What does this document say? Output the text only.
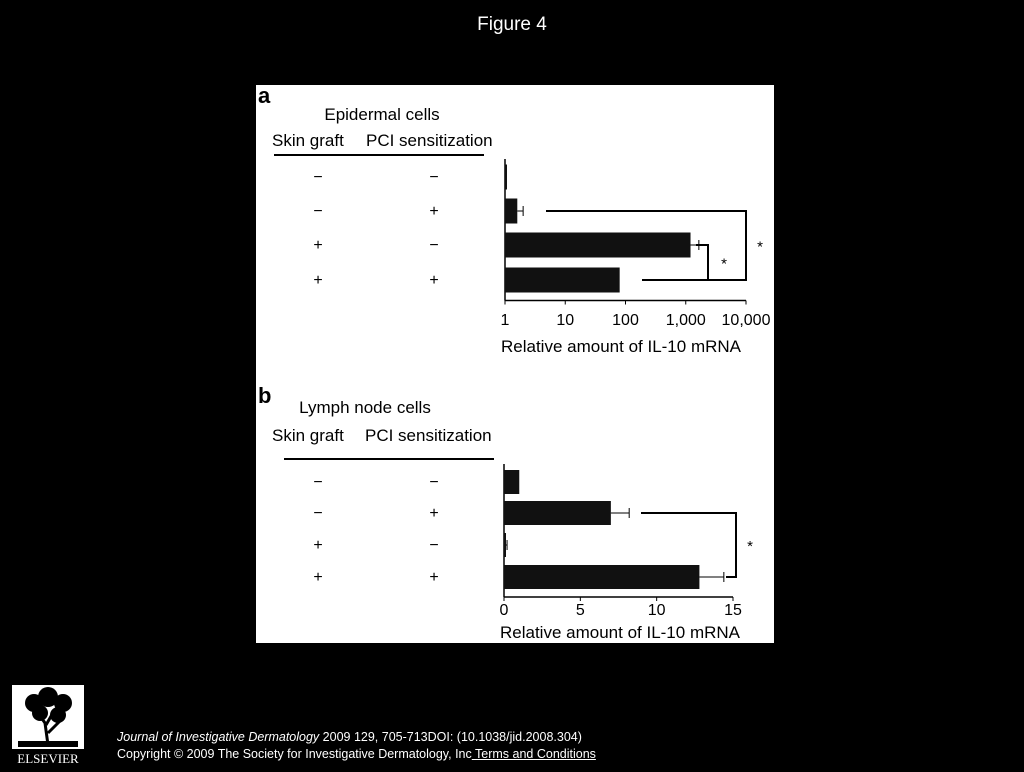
Figure 4
a
Epidermal cells
Skin graft PCI sensitization
−	−
−	+
+	−
+	+
1	10 100 1,000 10,000
Relative amount of IL-10 mRNA
*
*
b Lymph node cells
Skin graft PCI sensitization
−	−
−	+
+	−
+	+
0	5	10	15
Relative amount of IL-10 mRNA
*
ELSEVIER
Journal of Investigative Dermatology 2009 129, 705-713DOI: (10.1038/jid.2008.304)
Copyright © 2009 The Society for Investigative Dermatology, Inc Terms and Conditions
